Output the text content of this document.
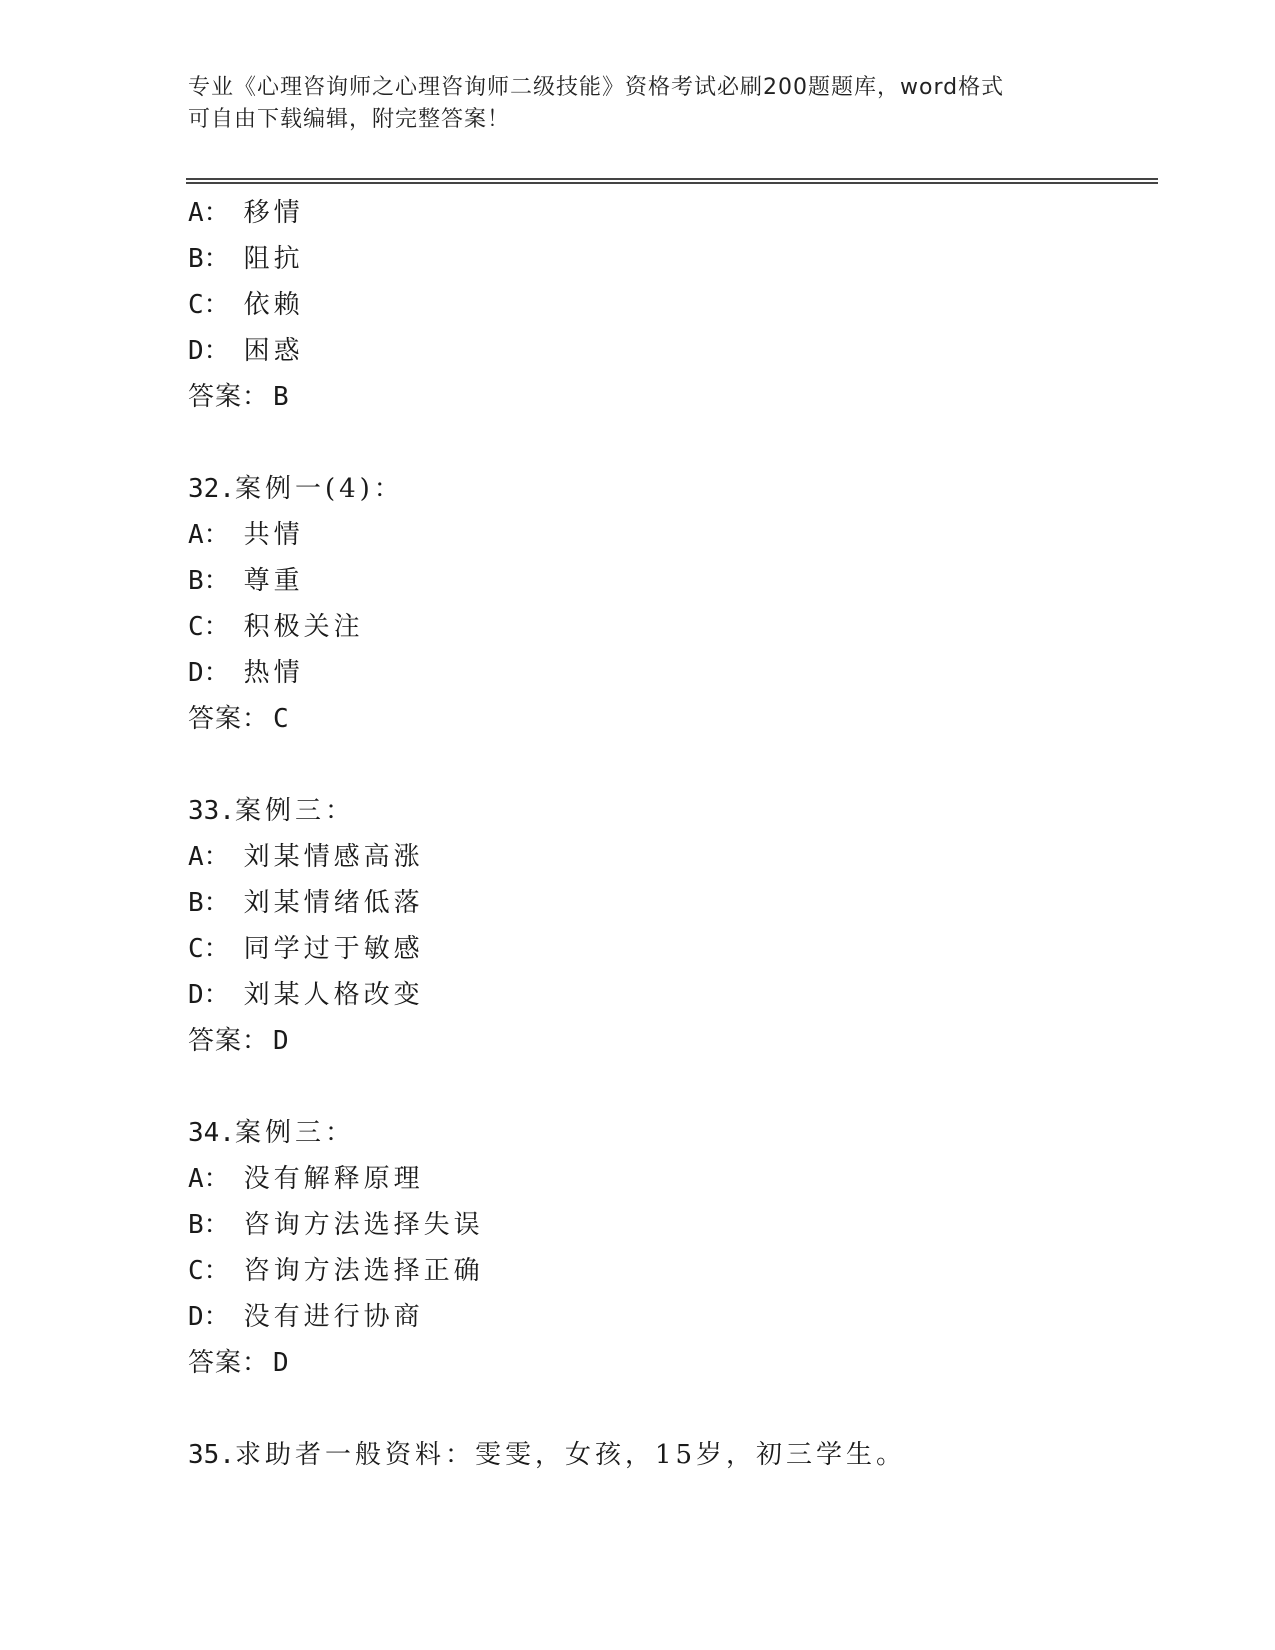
专业《心理咨询师之心理咨询师二级技能》资格考试必刷200题题库，word格式
可自由下载编辑，附完整答案！
A： 移情
B： 阻抗
C： 依赖
D： 困惑
答案： B
32.案例一(4)：
A： 共情
B： 尊重
C： 积极关注
D： 热情
答案： C
33.案例三：
A： 刘某情感高涨
B： 刘某情绪低落
C： 同学过于敏感
D： 刘某人格改变
答案： D
34.案例三：
A： 没有解释原理
B： 咨询方法选择失误
C： 咨询方法选择正确
D： 没有进行协商
答案： D
35.求助者一般资料：雯雯，女孩，15岁，初三学生。
